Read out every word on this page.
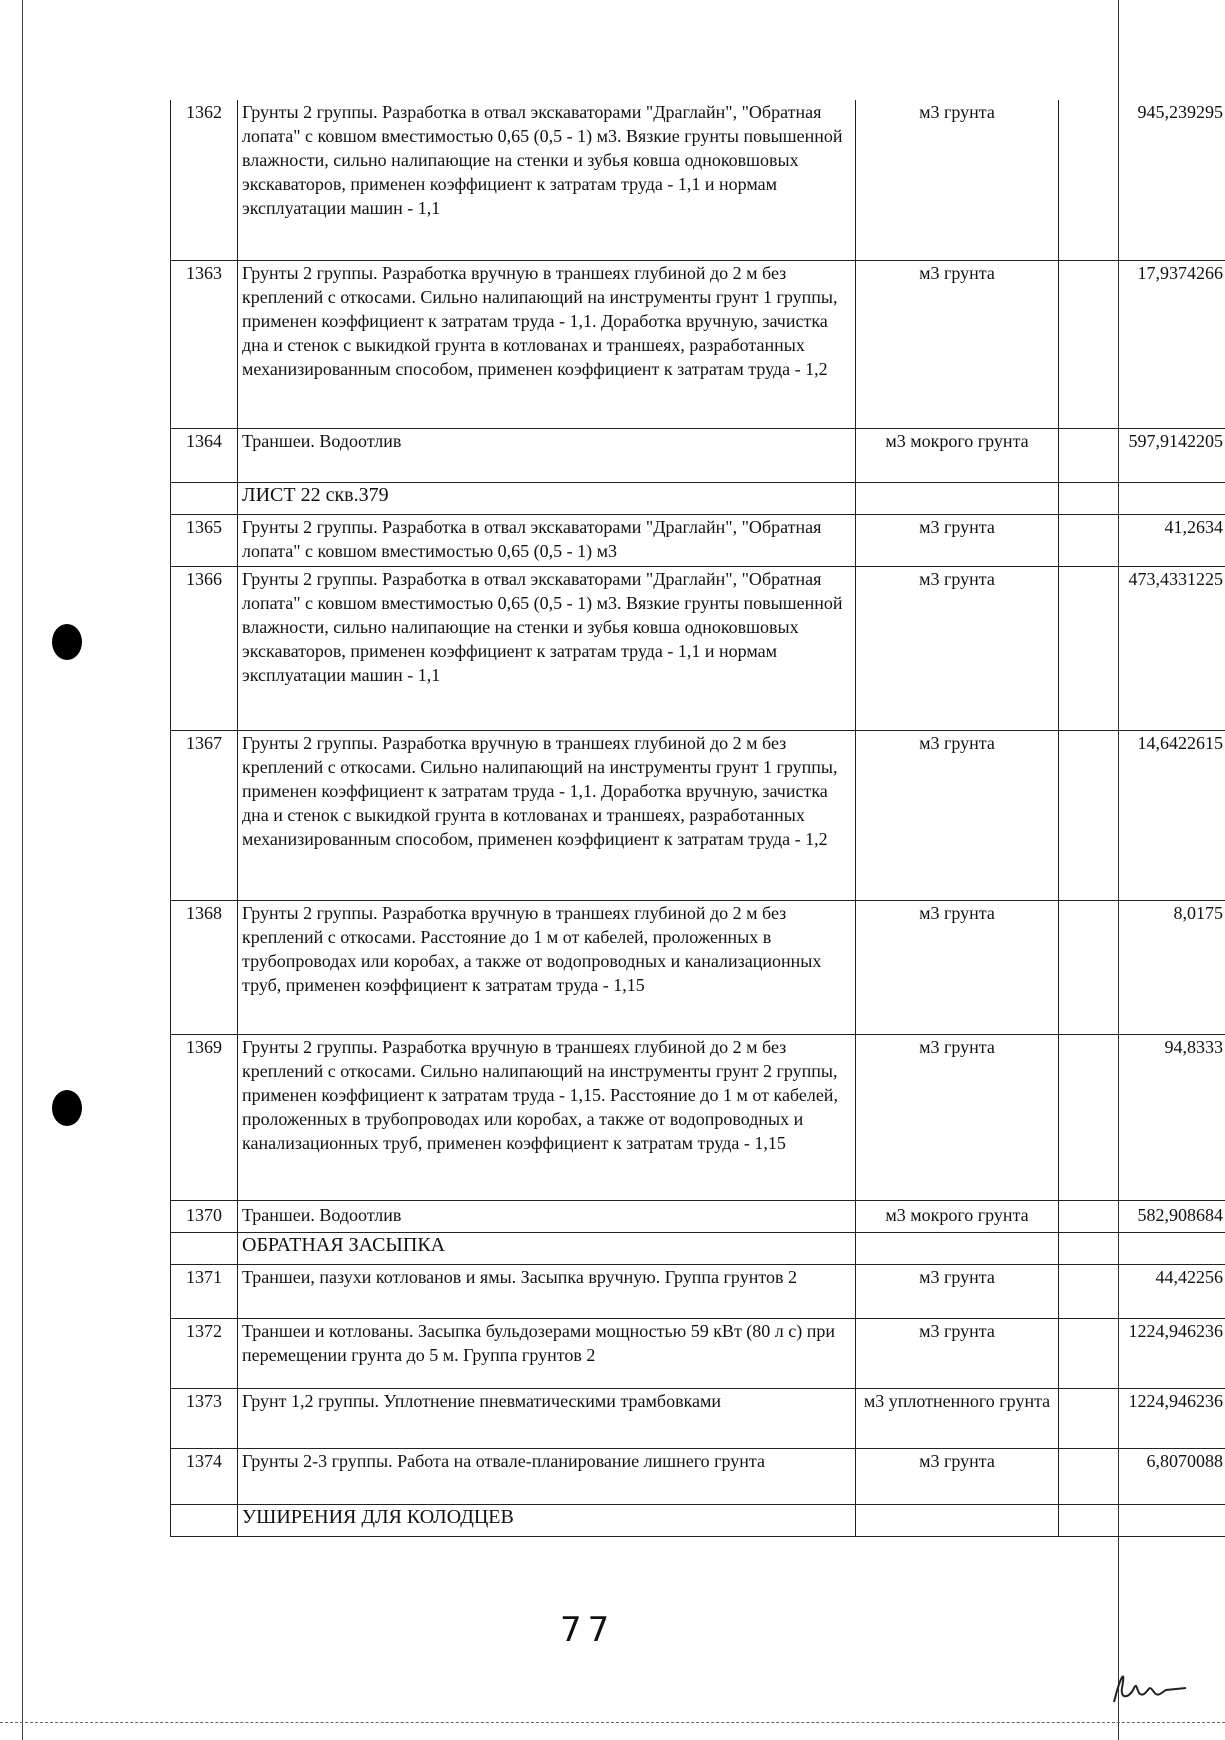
1362	Грунты 2 группы. Разработка в отвал экскаваторами "Драглайн", "Обратная лопата" с ковшом вместимостью 0,65 (0,5 - 1) м3. Вязкие грунты повышенной влажности, сильно налипающие на стенки и зубья ковша одноковшовых экскаваторов, применен коэффициент к затратам труда - 1,1 и нормам эксплуатации машин - 1,1	м3 грунта	945,239295
1363	Грунты 2 группы. Разработка вручную в траншеях глубиной до 2 м без креплений с откосами. Сильно налипающий на инструменты грунт 1 группы, применен коэффициент к затратам труда - 1,1. Доработка вручную, зачистка дна и стенок с выкидкой грунта в котлованах и траншеях, разработанных механизированным способом, применен коэффициент к затратам труда - 1,2	м3 грунта	17,9374266
1364	Траншеи. Водоотлив	м3 мокрого грунта	597,9142205
	ЛИСТ 22 скв.379		
1365	Грунты 2 группы. Разработка в отвал экскаваторами "Драглайн", "Обратная лопата" с ковшом вместимостью 0,65 (0,5 - 1) м3	м3 грунта	41,2634
1366	Грунты 2 группы. Разработка в отвал экскаваторами "Драглайн", "Обратная лопата" с ковшом вместимостью 0,65 (0,5 - 1) м3. Вязкие грунты повышенной влажности, сильно налипающие на стенки и зубья ковша одноковшовых экскаваторов, применен коэффициент к затратам труда - 1,1 и нормам эксплуатации машин - 1,1	м3 грунта	473,4331225
1367	Грунты 2 группы. Разработка вручную в траншеях глубиной до 2 м без креплений с откосами. Сильно налипающий на инструменты грунт 1 группы, применен коэффициент к затратам труда - 1,1. Доработка вручную, зачистка дна и стенок с выкидкой грунта в котлованах и траншеях, разработанных механизированным способом, применен коэффициент к затратам труда - 1,2	м3 грунта	14,6422615
1368	Грунты 2 группы. Разработка вручную в траншеях глубиной до 2 м без креплений с откосами. Расстояние до 1 м от кабелей, проложенных в трубопроводах или коробах, а также от водопроводных и канализационных труб, применен коэффициент к затратам труда - 1,15	м3 грунта	8,0175
1369	Грунты 2 группы. Разработка вручную в траншеях глубиной до 2 м без креплений с откосами. Сильно налипающий на инструменты грунт 2 группы, применен коэффициент к затратам труда - 1,15. Расстояние до 1 м от кабелей, проложенных в трубопроводах или коробах, а также от водопроводных и канализационных труб, применен коэффициент к затратам труда - 1,15	м3 грунта	94,8333
1370	Траншеи. Водоотлив	м3 мокрого грунта	582,908684
	ОБРАТНАЯ ЗАСЫПКА		
1371	Траншеи, пазухи котлованов и ямы. Засыпка вручную. Группа грунтов 2	м3 грунта	44,42256
1372	Траншеи и котлованы. Засыпка бульдозерами мощностью 59 кВт (80 л с) при перемещении грунта до 5 м. Группа грунтов 2	м3 грунта	1224,946236
1373	Грунт 1,2 группы. Уплотнение пневматическими трамбовками	м3 уплотненного грунта	1224,946236
1374	Грунты 2-3 группы. Работа на отвале-планирование лишнего грунта	м3 грунта	6,8070088
	УШИРЕНИЯ ДЛЯ КОЛОДЦЕВ		
77
